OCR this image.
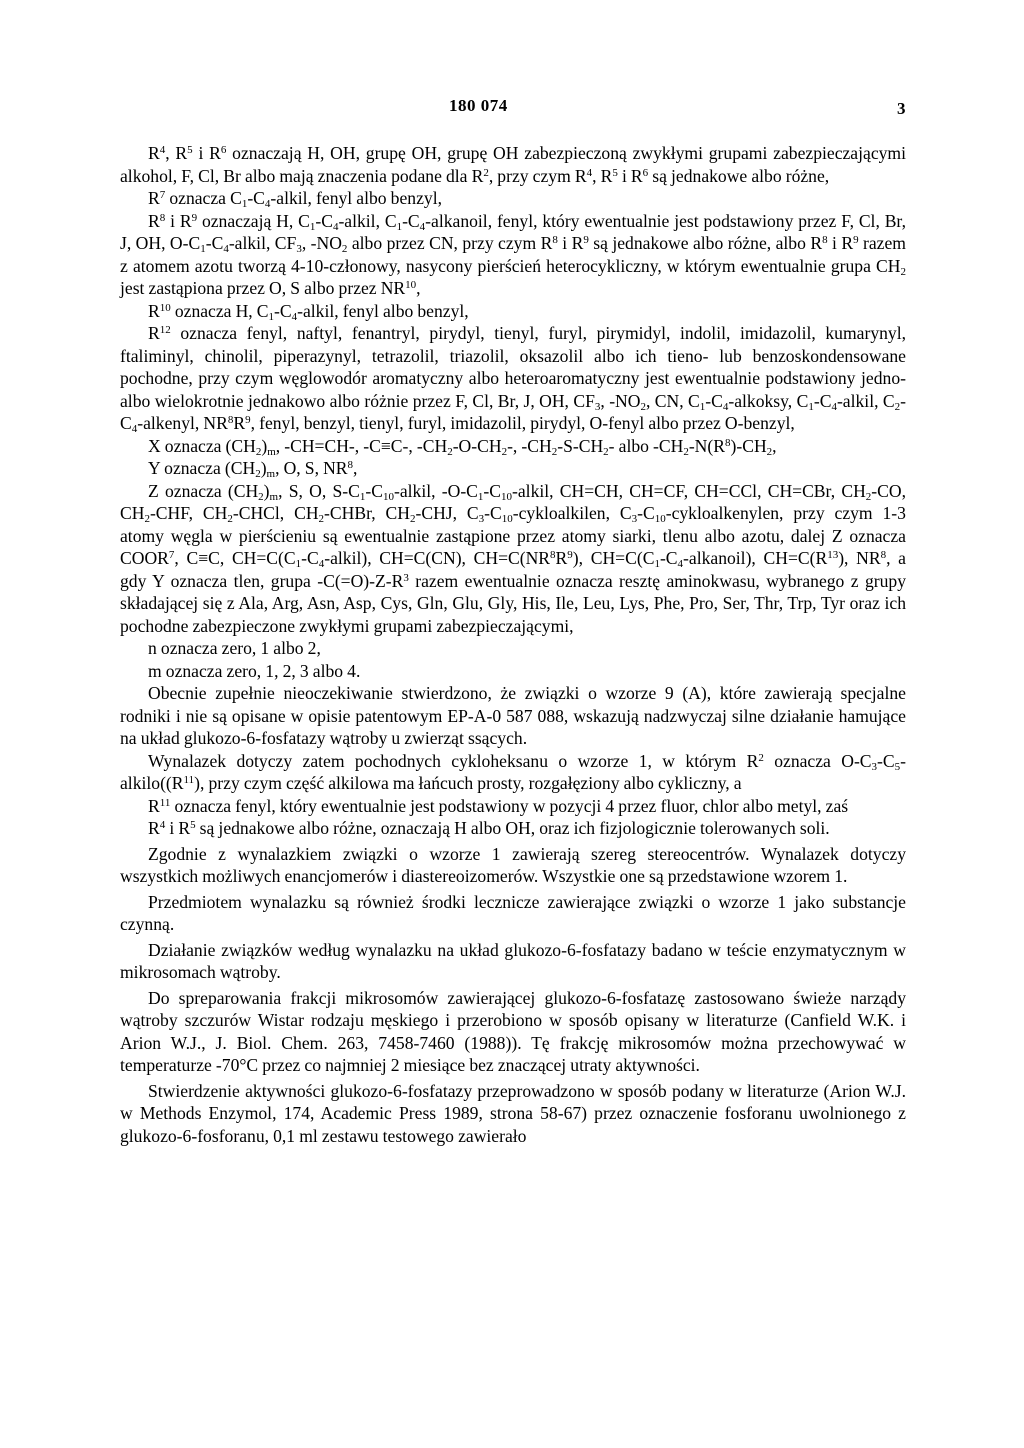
180 074	3

$R^4$, $R^5$ i $R^6$ oznaczają H, OH, grupę OH, grupę OH zabezpieczoną zwykłymi grupami zabezpieczającymi alkohol, F, Cl, Br albo mają znaczenia podane dla $R^2$, przy czym $R^4$, $R^5$ i $R^6$ są jednakowe albo różne,

$R^7$ oznacza $C_1-C_4$-alkil, fenyl albo benzyl,

$R^8$ i $R^9$ oznaczają H, $C_1-C_4$-alkil, $C_1-C_4$-alkanoil, fenyl, który ewentualnie jest podstawiony przez F, Cl, Br, J, OH, $O-C_1-C_4$-alkil, $CF_3$, $-NO_2$ albo przez CN, przy czym $R^8$ i $R^9$ są jednakowe albo różne, albo $R^8$ i $R^9$ razem z atomem azotu tworzą 4-10-członowy, nasycony pierścień heterocykliczny, w którym ewentualnie grupa $CH_2$ jest zastąpiona przez O, S albo przez NR$^{10}$,

$R^{10}$ oznacza H, $C_1-C_4$-alkil, fenyl albo benzyl,

$R^{12}$ oznacza fenyl, naftyl, fenantryl, pirydyl, tienyl, furyl, pirymidyl, indolil, imidazolil, kumarynyl, ftaliminyl, chinolil, piperazynyl, tetrazolil, triazolil, oksazolil albo ich tieno- lub benzoskondensowane pochodne, przy czym węglowodór aromatyczny albo heteroaromatyczny jest ewentualnie podstawiony jedno- albo wielokrotnie jednakowo albo różnie przez F, Cl, Br, J, OH, $CF_3$, $-NO_2$, CN, $C_1-C_4$-alkoksy, $C_1-C_4$-alkil, $C_2-C_4$-alkenyl, $NR^8R^9$, fenyl, benzyl, tienyl, furyl, imidazolil, pirydyl, O-fenyl albo przez O-benzyl,

X oznacza $(CH_2)_m$, -CH=CH-, -C≡C-, $-CH_2-O-CH_2-$, $-CH_2-S-CH_2-$ albo $-CH_2-N(R^8)-CH_2$,

Y oznacza $(CH_2)_m$, O, S, $NR^8$,

Z oznacza $(CH_2)_m$, S, O, $S-C_1-C_{10}$-alkil, $-O-C_1-C_{10}$-alkil, CH=CH, CH=CF, CH=CCl, CH=CBr, $CH_2-CO$, $CH_2$-CHF, $CH_2$-CHCl, $CH_2$-CHBr, $CH_2$-CHJ, $C_3-C_{10}$-cykloalkilen, $C_3-C_{10}$-cykloalkenylen, przy czym 1-3 atomy węgla w pierścieniu są ewentualnie zastąpione przez atomy siarki, tlenu albo azotu, dalej Z oznacza COOR$^7$, C≡C, $CH=C(C_1-C_4-alkil)$, CH=C(CN), $CH=C(NR^8R^9)$, $CH=C(C_1-C_4-alkanoil)$, $CH=C(R^{13})$, $NR^8$, a gdy Y oznacza tlen, grupa $-C(=O)-Z-R^3$ razem ewentualnie oznacza resztę aminokwasu, wybranego z grupy składającej się z Ala, Arg, Asn, Asp, Cys, Gln, Glu, Gly, His, Ile, Leu, Lys, Phe, Pro, Ser, Thr, Trp, Tyr oraz ich pochodne zabezpieczone zwykłymi grupami zabezpieczającymi,

n oznacza zero, 1 albo 2,

m oznacza zero, 1, 2, 3 albo 4.

Obecnie zupełnie nieoczekiwanie stwierdzono, że związki o wzorze 9 (A), które zawierają specjalne rodniki i nie są opisane w opisie patentowym EP-A-0 587 088, wskazują nadzwyczaj silne działanie hamujące na układ glukozo-6-fosfatazy wątroby u zwierząt ssących.

Wynalazek dotyczy zatem pochodnych cykloheksanu o wzorze 1, w którym $R^2$ oznacza $O-C_3-C_5-alkilo((R^{11})$, przy czym część alkilowa ma łańcuch prosty, rozgałęziony albo cykliczny, a

$R^{11}$ oznacza fenyl, który ewentualnie jest podstawiony w pozycji 4 przez fluor, chlor albo metyl, zaś

$R^4$ i $R^5$ są jednakowe albo różne, oznaczają H albo OH, oraz ich fizjologicznie tolerowanych soli.

Zgodnie z wynalazkiem związki o wzorze 1 zawierają szereg stereocentrów. Wynalazek dotyczy wszystkich możliwych enancjomerów i diastereoizomerów. Wszystkie one są przedstawione wzorem 1.

Przedmiotem wynalazku są również środki lecznicze zawierające związki o wzorze 1 jako substancje czynną.

Działanie związków według wynalazku na układ glukozo-6-fosfatazy badano w teście enzymatycznym w mikrosomach wątroby.

Do spreparowania frakcji mikrosomów zawierającej glukozo-6-fosfatazę zastosowano świeże narządy wątroby szczurów Wistar rodzaju męskiego i przerobiono w sposób opisany w literaturze (Canfield W.K. i Arion W.J., J. Biol. Chem. 263, 7458-7460 (1988)). Tę frakcję mikrosomów można przechowywać w temperaturze -70°C przez co najmniej 2 miesiące bez znaczącej utraty aktywności.

Stwierdzenie aktywności glukozo-6-fosfatazy przeprowadzono w sposób podany w literaturze (Arion W.J. w Methods Enzymol, 174, Academic Press 1989, strona 58-67) przez oznaczenie fosforanu uwolnionego z glukozo-6-fosforanu, 0,1 ml zestawu testowego zawierało
